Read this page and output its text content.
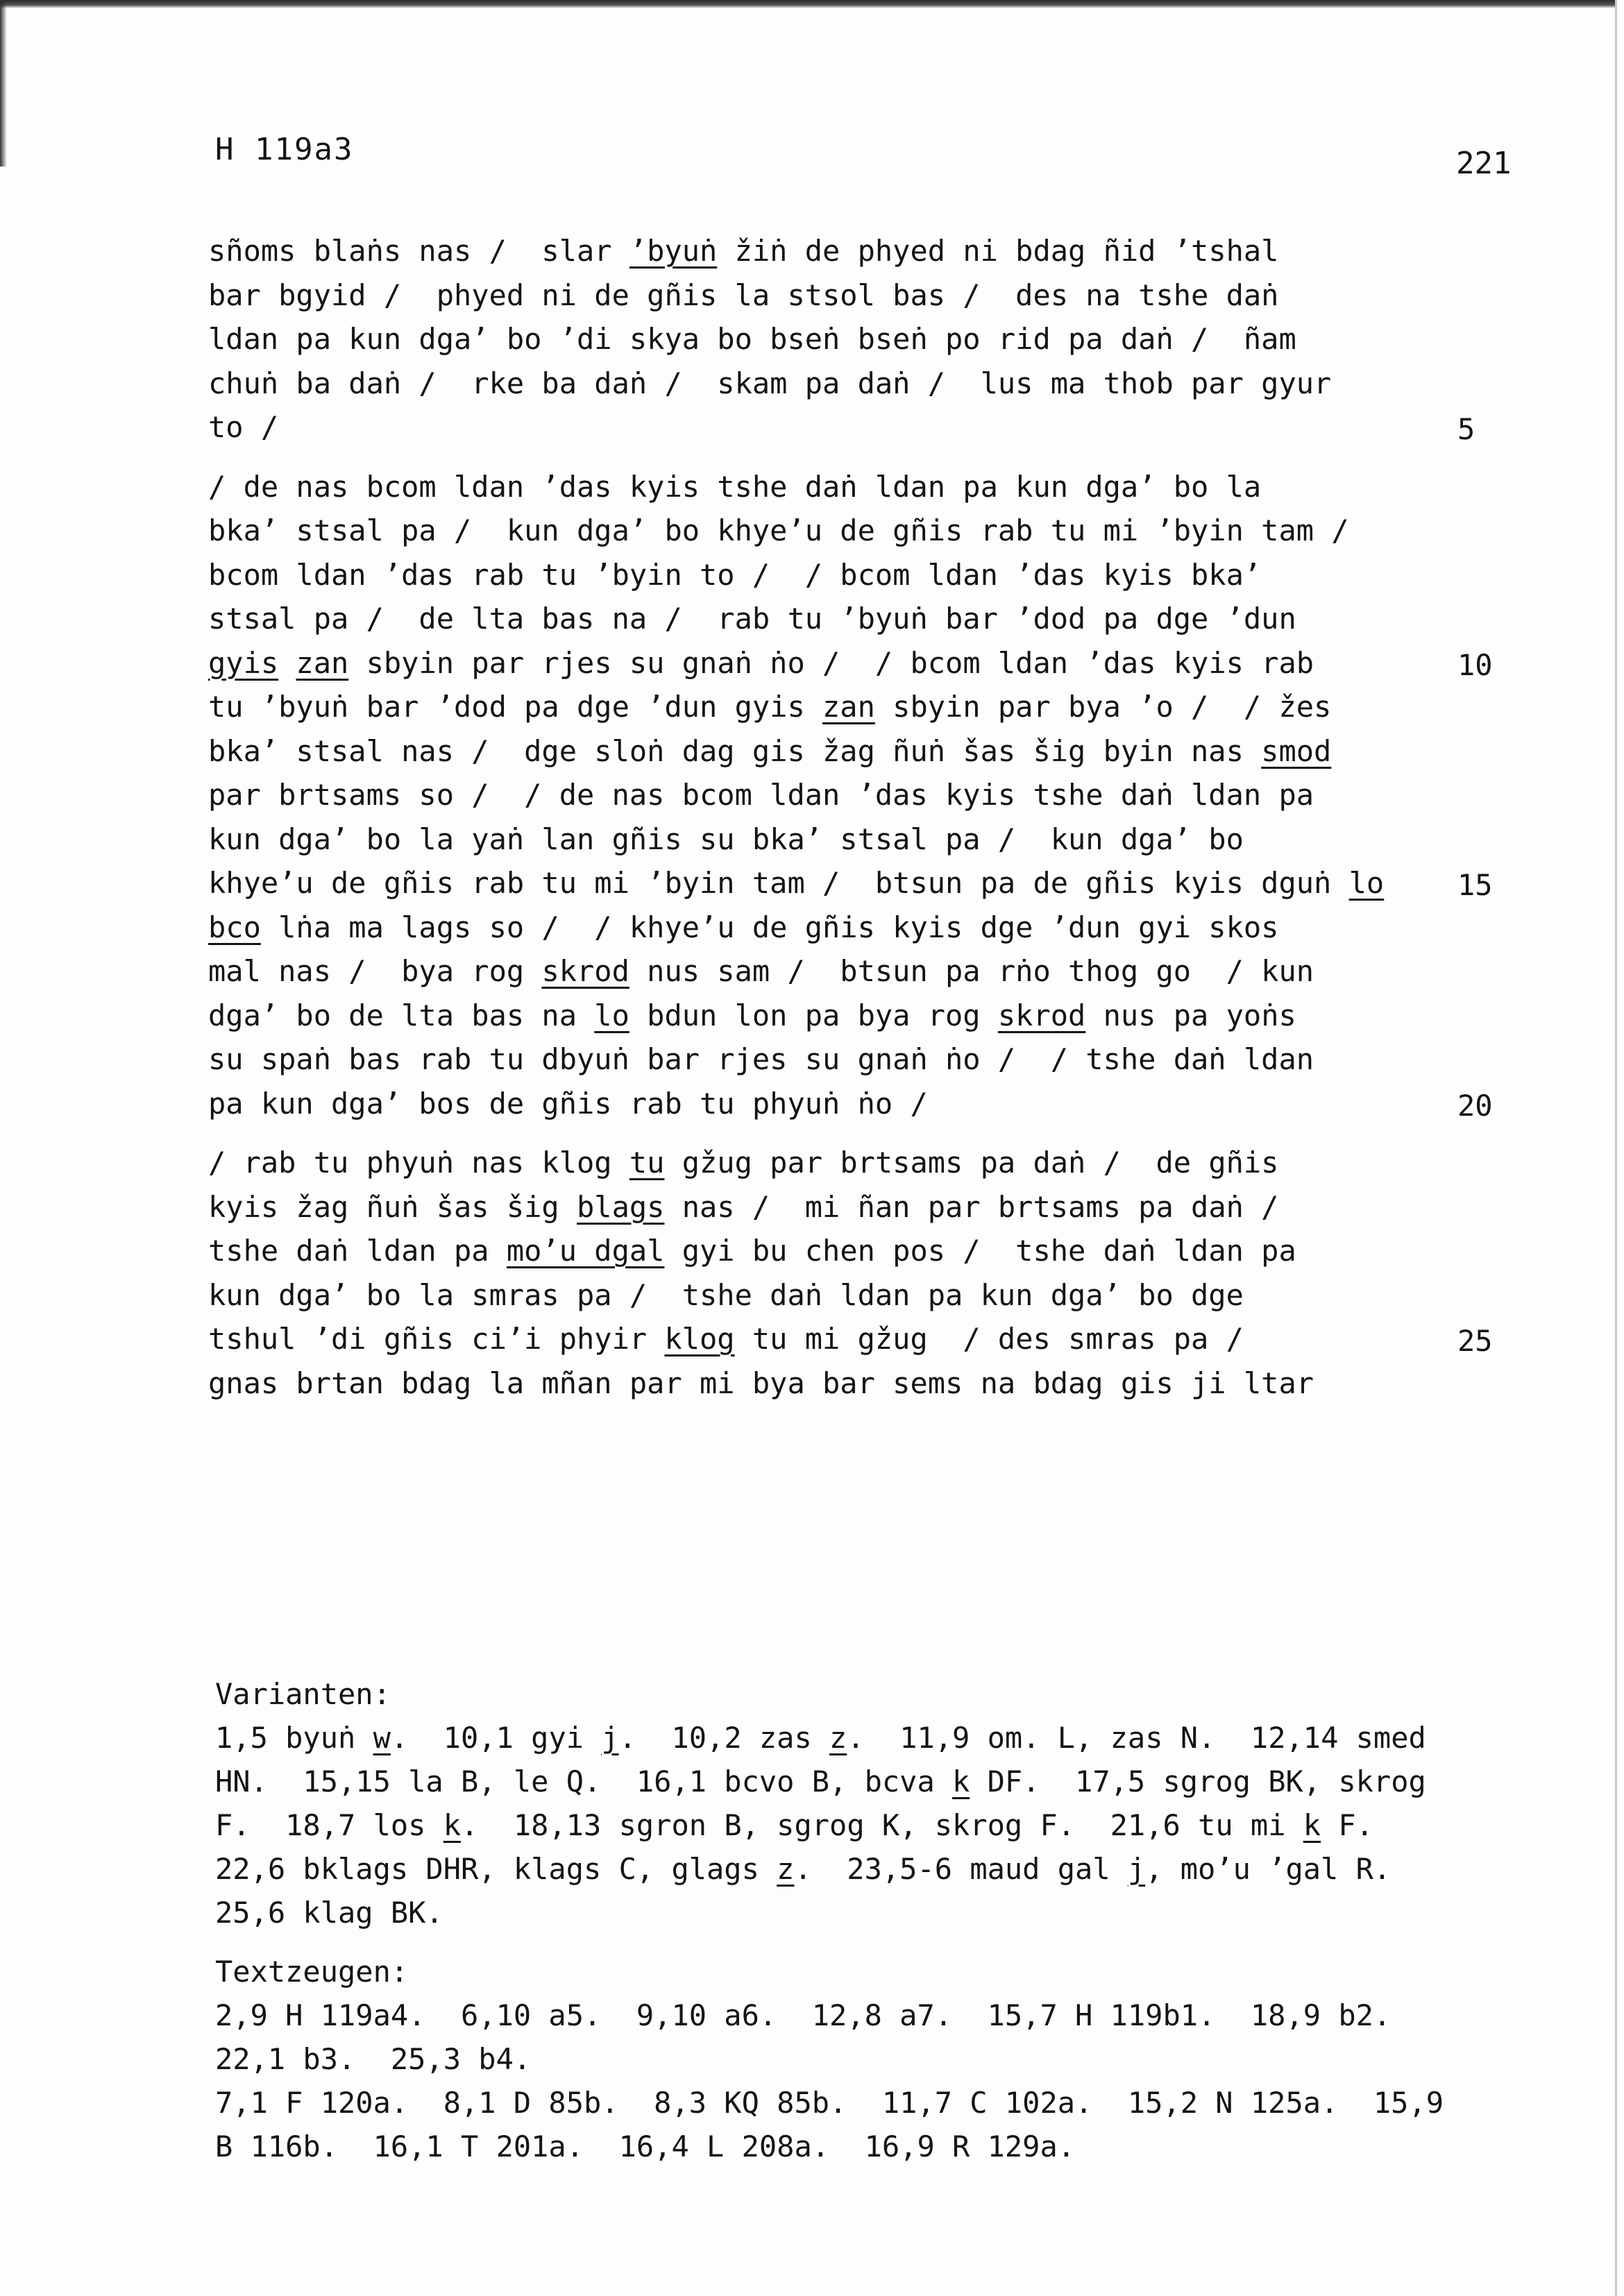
H 119a3	221
sñoms blaṅs nas /  slar ’byuṅ žiṅ de phyed ni bdag ñid ’tshal
bar bgyid /  phyed ni de gñis la stsol bas /  des na tshe daṅ
ldan pa kun dga’ bo ’di skya bo bseṅ bseṅ po rid pa daṅ /  ñam
chuṅ ba daṅ /  rke ba daṅ /  skam pa daṅ /  lus ma thob par gyur
to /
/ de nas bcom ldan ’das kyis tshe daṅ ldan pa kun dga’ bo la
bka’ stsal pa /  kun dga’ bo khye’u de gñis rab tu mi ’byin tam /
bcom ldan ’das rab tu ’byin to /  / bcom ldan ’das kyis bka’
stsal pa /  de lta bas na /  rab tu ’byuṅ bar ’dod pa dge ’dun
gyis zan sbyin par rjes su gnaṅ ṅo /  / bcom ldan ’das kyis rab
tu ’byuṅ bar ’dod pa dge ’dun gyis zan sbyin par bya ’o /  / žes
bka’ stsal nas /  dge sloṅ dag gis žag ñuṅ šas šig byin nas smod
par brtsams so /  / de nas bcom ldan ’das kyis tshe daṅ ldan pa
kun dga’ bo la yaṅ lan gñis su bka’ stsal pa /  kun dga’ bo
khye’u de gñis rab tu mi ’byin tam /  btsun pa de gñis kyis dguṅ lo
bco lṅa ma lags so /  / khye’u de gñis kyis dge ’dun gyi skos
mal nas /  bya rog skrod nus sam /  btsun pa rṅo thog go  / kun
dga’ bo de lta bas na lo bdun lon pa bya rog skrod nus pa yoṅs
su spaṅ bas rab tu dbyuṅ bar rjes su gnaṅ ṅo /  / tshe daṅ ldan
pa kun dga’ bos de gñis rab tu phyuṅ ṅo /
/ rab tu phyuṅ nas klog tu gžug par brtsams pa daṅ /  de gñis
kyis žag ñuṅ šas šig blags nas /  mi ñan par brtsams pa daṅ /
tshe daṅ ldan pa mo’u dgal gyi bu chen pos /  tshe daṅ ldan pa
kun dga’ bo la smras pa /  tshe daṅ ldan pa kun dga’ bo dge
tshul ’di gñis ci’i phyir klog tu mi gžug  / des smras pa /
gnas brtan bdag la mñan par mi bya bar sems na bdag gis ji ltar
5
10
15
20
25
Varianten:
1,5 byuṅ w.  10,1 gyi j.  10,2 zas z.  11,9 om. L, zas N.  12,14 smed
HN.  15,15 la B, le Q.  16,1 bcvo B, bcva k DF.  17,5 sgrog BK, skrog
F.  18,7 los k.  18,13 sgron B, sgrog K, skrog F.  21,6 tu mi k F.
22,6 bklags DHR, klags C, glags z.  23,5-6 maud gal j, mo’u ’gal R.
25,6 klag BK.
Textzeugen:
2,9 H 119a4.  6,10 a5.  9,10 a6.  12,8 a7.  15,7 H 119b1.  18,9 b2.
22,1 b3.  25,3 b4.
7,1 F 120a.  8,1 D 85b.  8,3 KQ 85b.  11,7 C 102a.  15,2 N 125a.  15,9
B 116b.  16,1 T 201a.  16,4 L 208a.  16,9 R 129a.
